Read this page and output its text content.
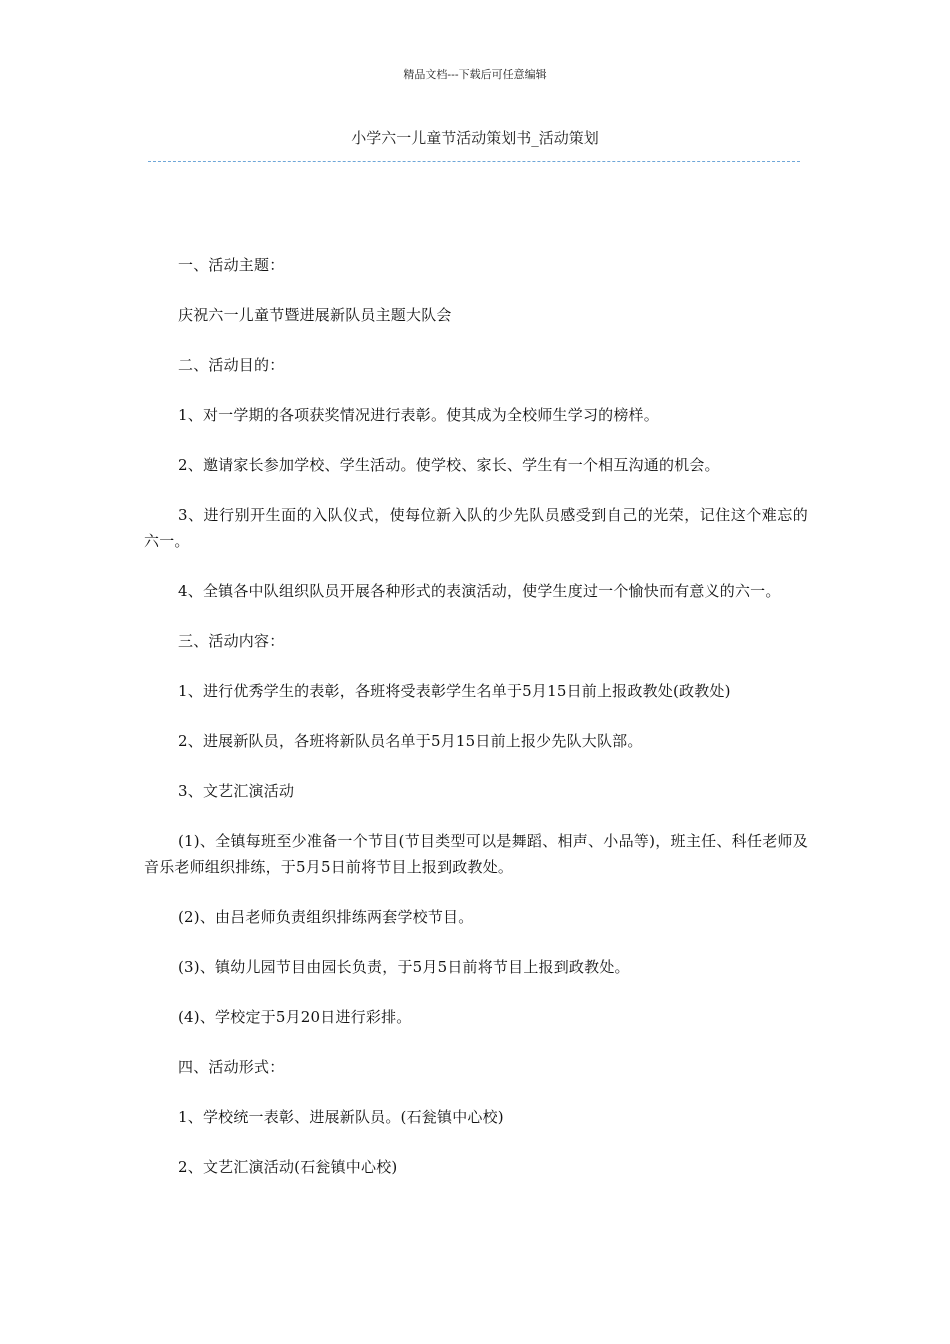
精品文档---下载后可任意编辑
小学六一儿童节活动策划书_活动策划

一、活动主题：

庆祝六一儿童节暨进展新队员主题大队会

二、活动目的：

1、对一学期的各项获奖情况进行表彰。使其成为全校师生学习的榜样。

2、邀请家长参加学校、学生活动。使学校、家长、学生有一个相互沟通的机会。

3、进行别开生面的入队仪式，使每位新入队的少先队员感受到自己的光荣，记住这个难忘的六一。

4、全镇各中队组织队员开展各种形式的表演活动，使学生度过一个愉快而有意义的六一。

三、活动内容：

1、进行优秀学生的表彰，各班将受表彰学生名单于5月15日前上报政教处(政教处)

2、进展新队员，各班将新队员名单于5月15日前上报少先队大队部。

3、文艺汇演活动

(1)、全镇每班至少准备一个节目(节目类型可以是舞蹈、相声、小品等)，班主任、科任老师及音乐老师组织排练，于5月5日前将节目上报到政教处。

(2)、由吕老师负责组织排练两套学校节目。

(3)、镇幼儿园节目由园长负责，于5月5日前将节目上报到政教处。

(4)、学校定于5月20日进行彩排。

四、活动形式：

1、学校统一表彰、进展新队员。(石瓮镇中心校)

2、文艺汇演活动(石瓮镇中心校)
